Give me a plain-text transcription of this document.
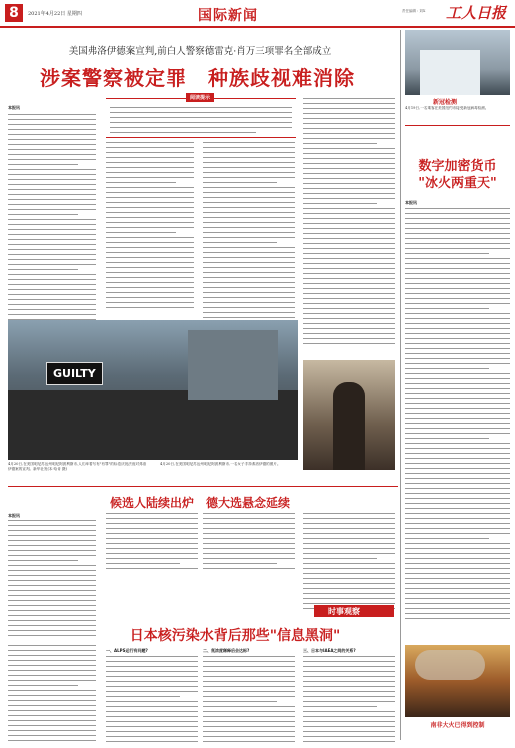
8	2021年4月22日 星期四	国际新闻	责任编辑 : 刘X 工人日报
美国弗洛伊德案宣判,前白人警察德雷克·肖万三项罪名全部成立
涉案警察被定罪　种族歧视难消除
本报讯
阅读提示
GUILTY
4月20日,在美国明尼苏达州明尼阿波利斯市,人们举着写有"有罪"的标语庆祝法庭对弗洛伊德案的宣判。新华社发(本·哈肯 摄)
4月20日,在美国明尼苏达州明尼阿波利斯市,一名女子手持弗洛伊德的照片。
新冠检测
4月19日,一名乘客在美国纽约市接受新冠病毒检测。
数字加密货币
"冰火两重天"
本报讯
南非大火已得到控制
候选人陆续出炉　德大选悬念延续
本报讯
时事观察
日本核污染水背后那些"信息黑洞"
一、ALPS运行有问题?	二、氚浓度稀释后会达标?	三、日本与IAEA之间的关系?
